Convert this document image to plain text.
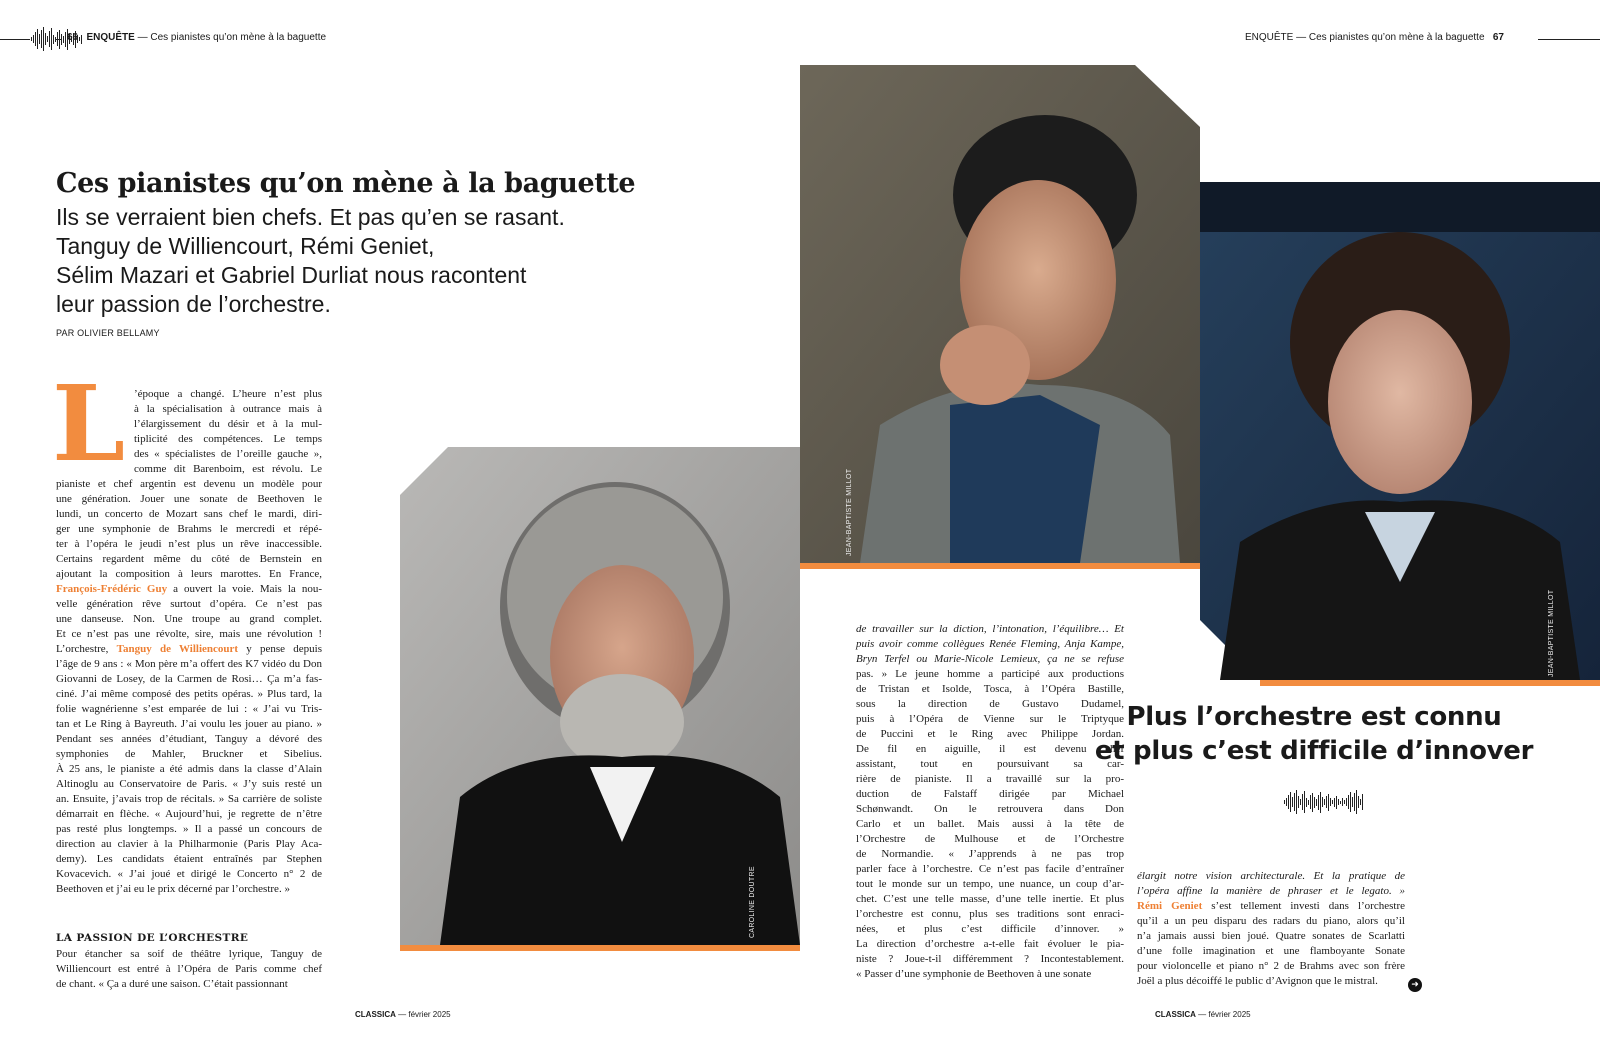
66 ENQUÊTE — Ces pianistes qu’on mène à la baguette	ENQUÊTE — Ces pianistes qu’on mène à la baguette 67
Ces pianistes qu’on mène à la baguette
Ils se verraient bien chefs. Et pas qu’en se rasant.
Tanguy de Williencourt, Rémi Geniet,
Sélim Mazari et Gabriel Durliat nous racontent
leur passion de l’orchestre.
PAR OLIVIER BELLAMY
L ’époque a changé. L’heure n’est plus
à la spécialisation à outrance mais à
l’élargissement du désir et à la mul-
tiplicité des compétences. Le temps
des « spécialistes de l’oreille gauche »,
comme dit Barenboim, est révolu. Le
pianiste et chef argentin est devenu un modèle pour
une génération. Jouer une sonate de Beethoven le
lundi, un concerto de Mozart sans chef le mardi, diri-
ger une symphonie de Brahms le mercredi et répé-
ter à l’opéra le jeudi n’est plus un rêve inaccessible.
Certains regardent même du côté de Bernstein en
ajoutant la composition à leurs marottes. En France,
François-Frédéric Guy a ouvert la voie. Mais la nou-
velle génération rêve surtout d’opéra. Ce n’est pas
une danseuse. Non. Une troupe au grand complet.
Et ce n’est pas une révolte, sire, mais une révolution !
L’orchestre, Tanguy de Williencourt y pense depuis
l’âge de 9 ans : « Mon père m’a offert des K7 vidéo du Don
Giovanni de Losey, de la Carmen de Rosi… Ça m’a fas-
ciné. J’ai même composé des petits opéras. » Plus tard, la
folie wagnérienne s’est emparée de lui : « J’ai vu Tris-
tan et Le Ring à Bayreuth. J’ai voulu les jouer au piano. »
Pendant ses années d’étudiant, Tanguy a dévoré des
symphonies de Mahler, Bruckner et Sibelius.
À 25 ans, le pianiste a été admis dans la classe d’Alain
Altinoglu au Conservatoire de Paris. « J’y suis resté un
an. Ensuite, j’avais trop de récitals. » Sa carrière de soliste
démarrait en flèche. « Aujourd’hui, je regrette de n’être
pas resté plus longtemps. » Il a passé un concours de
direction au clavier à la Philharmonie (Paris Play Aca-
demy). Les candidats étaient entraînés par Stephen
Kovacevich. « J’ai joué et dirigé le Concerto n° 2 de
Beethoven et j’ai eu le prix décerné par l’orchestre. »
LA PASSION DE L’ORCHESTRE
Pour étancher sa soif de théâtre lyrique, Tanguy de
Williencourt est entré à l’Opéra de Paris comme chef
de chant. « Ça a duré une saison. C’était passionnant
CAROLINE DOUTRE
JEAN-BAPTISTE MILLOT
JEAN-BAPTISTE MILLOT
de travailler sur la diction, l’intonation, l’équilibre… Et
puis avoir comme collègues Renée Fleming, Anja Kampe,
Bryn Terfel ou Marie-Nicole Lemieux, ça ne se refuse
pas. » Le jeune homme a participé aux productions
de Tristan et Isolde, Tosca, à l’Opéra Bastille,
sous la direction de Gustavo Dudamel,
puis à l’Opéra de Vienne sur le Triptyque
de Puccini et le Ring avec Philippe Jordan.
De fil en aiguille, il est devenu chef
assistant, tout en poursuivant sa car-
rière de pianiste. Il a travaillé sur la pro-
duction de Falstaff dirigée par Michael
Schønwandt. On le retrouvera dans Don
Carlo et un ballet. Mais aussi à la tête de
l’Orchestre de Mulhouse et de l’Orchestre
de Normandie. « J’apprends à ne pas trop
parler face à l’orchestre. Ce n’est pas facile d’entraîner
tout le monde sur un tempo, une nuance, un coup d’ar-
chet. C’est une telle masse, d’une telle inertie. Et plus
l’orchestre est connu, plus ses traditions sont enraci-
nées, et plus c’est difficile d’innover. »
La direction d’orchestre a-t-elle fait évoluer le pia-
niste ? Joue-t-il différemment ? Incontestablement.
« Passer d’une symphonie de Beethoven à une sonate
Plus l’orchestre est connu
et plus c’est difficile d’innover
élargit notre vision architecturale. Et la pratique de
l’opéra affine la manière de phraser et le legato. »
Rémi Geniet s’est tellement investi dans l’orchestre
qu’il a un peu disparu des radars du piano, alors qu’il
n’a jamais aussi bien joué. Quatre sonates de Scarlatti
d’une folle imagination et une flamboyante Sonate
pour violoncelle et piano n° 2 de Brahms avec son frère
Joël a plus décoiffé le public d’Avignon que le mistral.	➜
CLASSICA — février 2025	CLASSICA — février 2025
